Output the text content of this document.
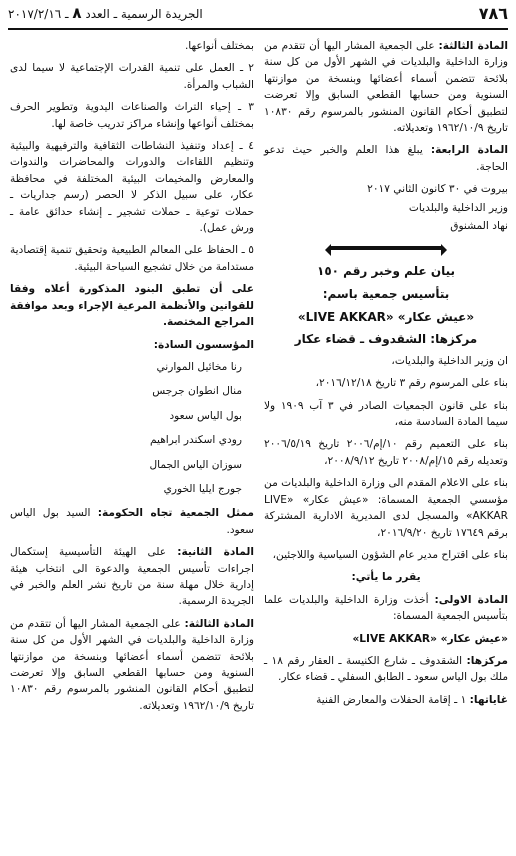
الجريدة الرسمية ـ العدد ٨ ـ ٢٠١٧/٢/١٦	٧٨٦

المادة الثالثة: على الجمعية المشار اليها أن تتقدم من وزارة الداخلية والبلديات في الشهر الأول من كل سنة بلائحة تتضمن أسماء أعضائها وبنسخة من موازنتها السنوية ومن حسابها القطعي السابق وإلا تعرضت لتطبيق أحكام القانون المنشور بالمرسوم رقم ١٠٨٣٠ تاريخ ١٩٦٢/١٠/٩ وتعديلاته.

المادة الرابعة: يبلغ هذا العلم والخبر حيث تدعو الحاجة.

بيروت في ٣٠ كانون الثاني ٢٠١٧

وزير الداخلية والبلديات

نهاد المشنوق

بيان علم وخبر رقم ١٥٠
بتأسيس جمعية باسم:
«عيش عكار» «LIVE AKKAR»
مركزها: الشقدوف ـ قضاء عكار

ان وزير الداخلية والبلديات،

بناء على المرسوم رقم ٣ تاريخ ٢٠١٦/١٢/١٨،

بناء على قانون الجمعيات الصادر في ٣ آب ١٩٠٩ ولا سيما المادة السادسة منه،

بناء على التعميم رقم ١٠/إم/٢٠٠٦ تاريخ ٢٠٠٦/٥/١٩ وتعديله رقم ١٥/إم/٢٠٠٨ تاريخ ٢٠٠٨/٩/١٢،

بناء على الاعلام المقدم الى وزارة الداخلية والبلديات من مؤسسي الجمعية المسماة: «عيش عكار» «LIVE AKKAR» والمسجل لدى المديرية الادارية المشتركة برقم ١٧٦٤٩ تاريخ ٢٠١٦/٩/٢٠،

بناء على اقتراح مدير عام الشؤون السياسية واللاجئين،

يقرر ما يأتي:

المادة الاولى: أخذت وزارة الداخلية والبلديات علما بتأسيس الجمعية المسماة:

«عيش عكار» «LIVE AKKAR»

مركزها: الشقدوف ـ شارع الكنيسة ـ العقار رقم ١٨ ـ ملك بول الياس سعود ـ الطابق السفلي ـ قضاء عكار.

غاياتها: ١ ـ إقامة الحفلات والمعارض الفنية

بمختلف أنواعها.

٢ ـ العمل على تنمية القدرات الإجتماعية لا سيما لدى الشباب والمرأة.

٣ ـ إحياء التراث والصناعات اليدوية وتطوير الحرف بمختلف أنواعها وإنشاء مراكز تدريب خاصة لها.

٤ ـ إعداد وتنفيذ النشاطات الثقافية والترفيهية والبيئية وتنظيم اللقاءات والدورات والمحاضرات والندوات والمعارض والمخيمات البيئية المختلفة في محافظة عكار، على سبيل الذكر لا الحصر (رسم جداريات ـ حملات توعية ـ حملات تشجير ـ إنشاء حدائق عامة ـ ورش عمل).

٥ ـ الحفاظ على المعالم الطبيعية وتحقيق تنمية إقتصادية مستدامة من خلال تشجيع السياحة البيئية.

على أن تطبق البنود المذكورة أعلاه وفقا للقوانين والأنظمة المرعية الإجراء وبعد موافقة المراجع المختصة.

المؤسسون السادة:

رنا مخائيل الموارني

منال انطوان جرجس

بول الياس سعود

رودي اسكندر ابراهيم

سوزان الياس الجمال

جورج ايليا الخوري

ممثل الجمعية تجاه الحكومة: السيد بول الياس سعود.

المادة الثانية: على الهيئة التأسيسية إستكمال اجراءات تأسيس الجمعية والدعوة الى انتخاب هيئة إدارية خلال مهلة سنة من تاريخ نشر العلم والخبر في الجريدة الرسمية.

المادة الثالثة: على الجمعية المشار اليها أن تتقدم من وزارة الداخلية والبلديات في الشهر الأول من كل سنة بلائحة تتضمن أسماء أعضائها وبنسخة من موازنتها السنوية ومن حسابها القطعي السابق وإلا تعرضت لتطبيق أحكام القانون المنشور بالمرسوم رقم ١٠٨٣٠ تاريخ ١٩٦٢/١٠/٩ وتعديلاته.
